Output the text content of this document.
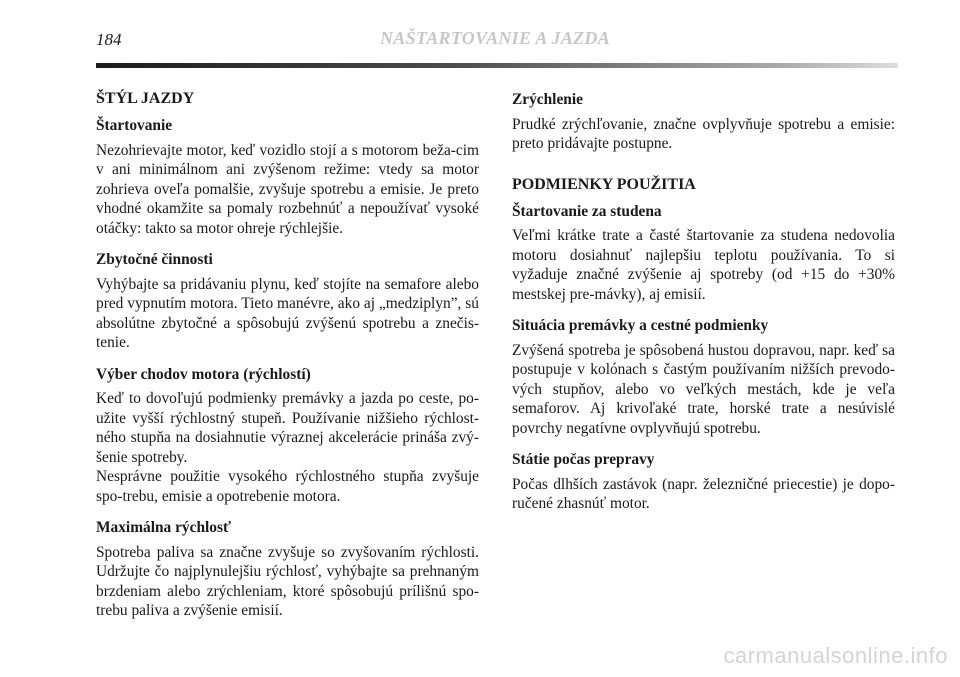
184	NAŠTARTOVANIE A JAZDA
ŠTÝL JAZDY
Štartovanie

Nezohrievajte motor, keď vozidlo stojí a s motorom beža-cim v ani minimálnom ani zvýšenom režime: vtedy sa motor zohrieva oveľa pomalšie, zvyšuje spotrebu a emisie. Je preto vhodné okamžite sa pomaly rozbehnúť a nepoužívať vysoké otáčky: takto sa motor ohreje rýchlejšie.

Zbytočné činnosti

Vyhýbajte sa pridávaniu plynu, keď stojíte na semafore alebo pred vypnutím motora. Tieto manévre, ako aj „medziplyn”, sú absolútne zbytočné a spôsobujú zvýšenú spotrebu a znečis-tenie.

Výber chodov motora (rýchlostí)

Keď to dovoľujú podmienky premávky a jazda po ceste, po-užite vyšší rýchlostný stupeň. Používanie nižšieho rýchlost-ného stupňa na dosiahnutie výraznej akcelerácie prináša zvý-šenie spotreby.

Nesprávne použitie vysokého rýchlostného stupňa zvyšuje spo-trebu, emisie a opotrebenie motora.

Maximálna rýchlosť

Spotreba paliva sa značne zvyšuje so zvyšovaním rýchlosti. Udržujte čo najplynulejšiu rýchlosť, vyhýbajte sa prehnaným brzdeniam alebo zrýchleniam, ktoré spôsobujú prílišnú spo-trebu paliva a zvýšenie emisií.

Zrýchlenie

Prudké zrýchľovanie, značne ovplyvňuje spotrebu a emisie: preto pridávajte postupne.

PODMIENKY POUŽITIA
Štartovanie za studena

Veľmi krátke trate a časté štartovanie za studena nedovolia motoru dosiahnuť najlepšiu teplotu používania. To si vyžaduje značné zvýšenie aj spotreby (od +15 do +30% mestskej pre-mávky), aj emisií.

Situácia premávky a cestné podmienky

Zvýšená spotreba je spôsobená hustou dopravou, napr. keď sa postupuje v kolónach s častým používaním nižších prevodo-vých stupňov, alebo vo veľkých mestách, kde je veľa semaforov. Aj krivoľaké trate, horské trate a nesúvislé povrchy negatívne ovplyvňujú spotrebu.

Státie počas prepravy

Počas dlhších zastávok (napr. železničné priecestie) je dopo-ručené zhasnúť motor.

carmanualsonline.info
